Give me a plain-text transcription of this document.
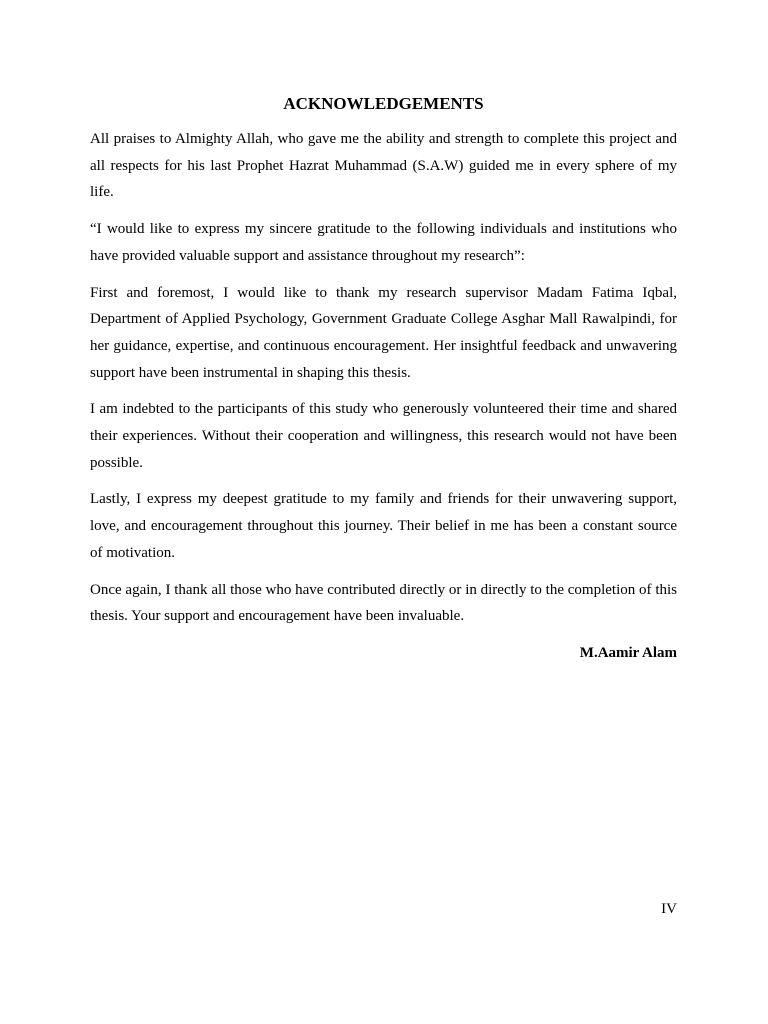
ACKNOWLEDGEMENTS

All praises to Almighty Allah, who gave me the ability and strength to complete this project and all respects for his last Prophet Hazrat Muhammad (S.A.W) guided me in every sphere of my life.

“I would like to express my sincere gratitude to the following individuals and institutions who have provided valuable support and assistance throughout my research”:

First and foremost, I would like to thank my research supervisor Madam Fatima Iqbal, Department of Applied Psychology, Government Graduate College Asghar Mall Rawalpindi, for her guidance, expertise, and continuous encouragement. Her insightful feedback and unwavering support have been instrumental in shaping this thesis.

I am indebted to the participants of this study who generously volunteered their time and shared their experiences. Without their cooperation and willingness, this research would not have been possible.

Lastly, I express my deepest gratitude to my family and friends for their unwavering support, love, and encouragement throughout this journey. Their belief in me has been a constant source of motivation.

Once again, I thank all those who have contributed directly or in directly to the completion of this thesis. Your support and encouragement have been invaluable.

M.Aamir Alam

IV
